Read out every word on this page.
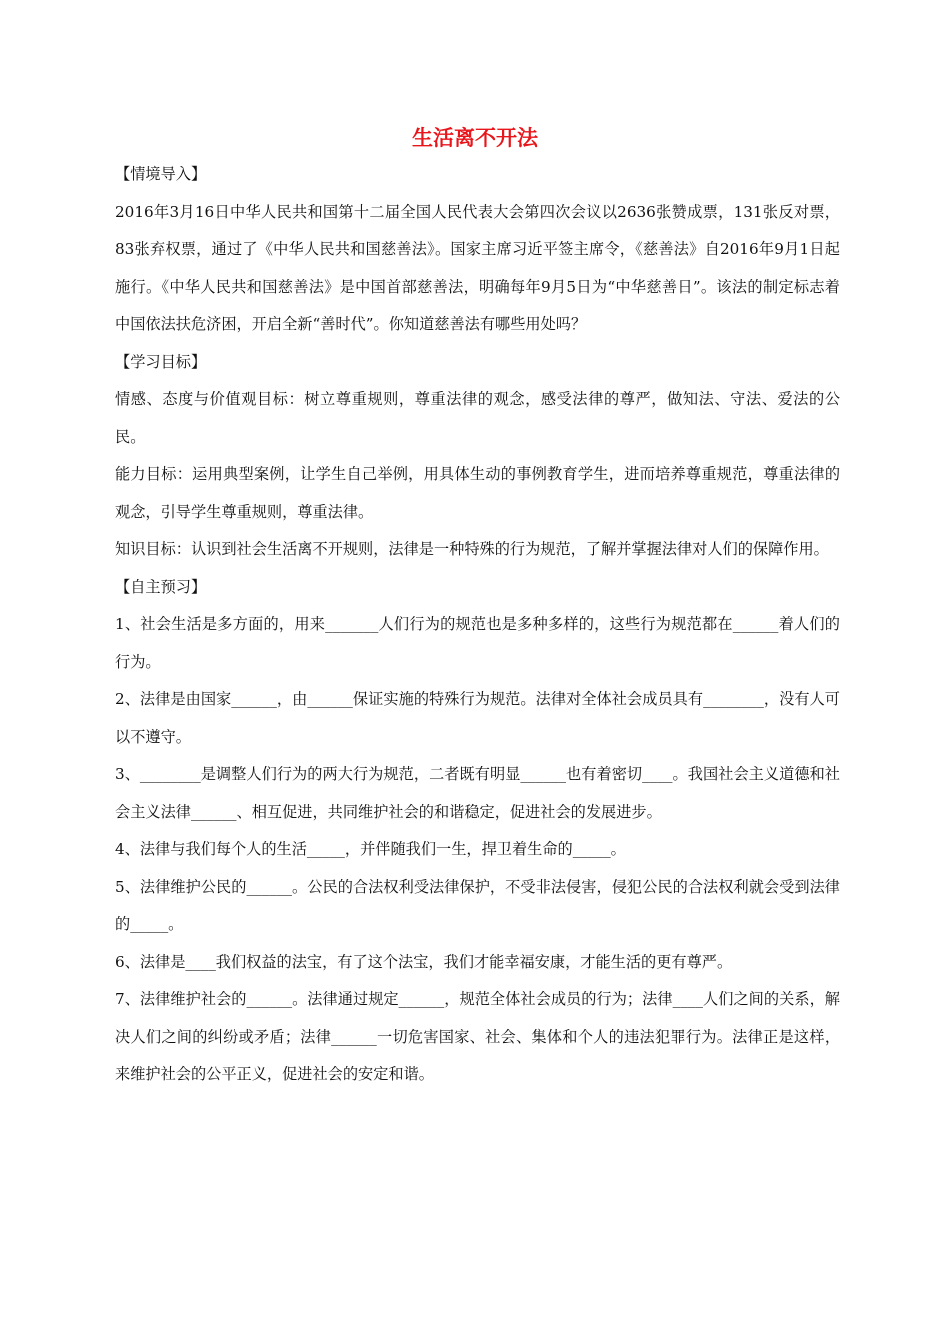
生活离不开法

【情境导入】

2016年3月16日中华人民共和国第十二届全国人民代表大会第四次会议以2636张赞成票，131张反对票，83张弃权票，通过了《中华人民共和国慈善法》。国家主席习近平签主席令，《慈善法》自2016年9月1日起施行。《中华人民共和国慈善法》是中国首部慈善法，明确每年9月5日为“中华慈善日”。该法的制定标志着中国依法扶危济困，开启全新“善时代”。你知道慈善法有哪些用处吗？

【学习目标】

情感、态度与价值观目标：树立尊重规则，尊重法律的观念，感受法律的尊严，做知法、守法、爱法的公民。

能力目标：运用典型案例，让学生自己举例，用具体生动的事例教育学生，进而培养尊重规范，尊重法律的观念，引导学生尊重规则，尊重法律。

知识目标：认识到社会生活离不开规则，法律是一种特殊的行为规范，了解并掌握法律对人们的保障作用。

【自主预习】

1、社会生活是多方面的，用来_______人们行为的规范也是多种多样的，这些行为规范都在______着人们的行为。

2、法律是由国家______，由______保证实施的特殊行为规范。法律对全体社会成员具有________，没有人可以不遵守。

3、________是调整人们行为的两大行为规范，二者既有明显______也有着密切____。我国社会主义道德和社会主义法律______、相互促进，共同维护社会的和谐稳定，促进社会的发展进步。

4、法律与我们每个人的生活_____，并伴随我们一生，捍卫着生命的_____。

5、法律维护公民的______。公民的合法权利受法律保护，不受非法侵害，侵犯公民的合法权利就会受到法律的_____。

6、法律是____我们权益的法宝，有了这个法宝，我们才能幸福安康，才能生活的更有尊严。

7、法律维护社会的______。法律通过规定______，规范全体社会成员的行为；法律____人们之间的关系，解决人们之间的纠纷或矛盾；法律______一切危害国家、社会、集体和个人的违法犯罪行为。法律正是这样，来维护社会的公平正义，促进社会的安定和谐。
